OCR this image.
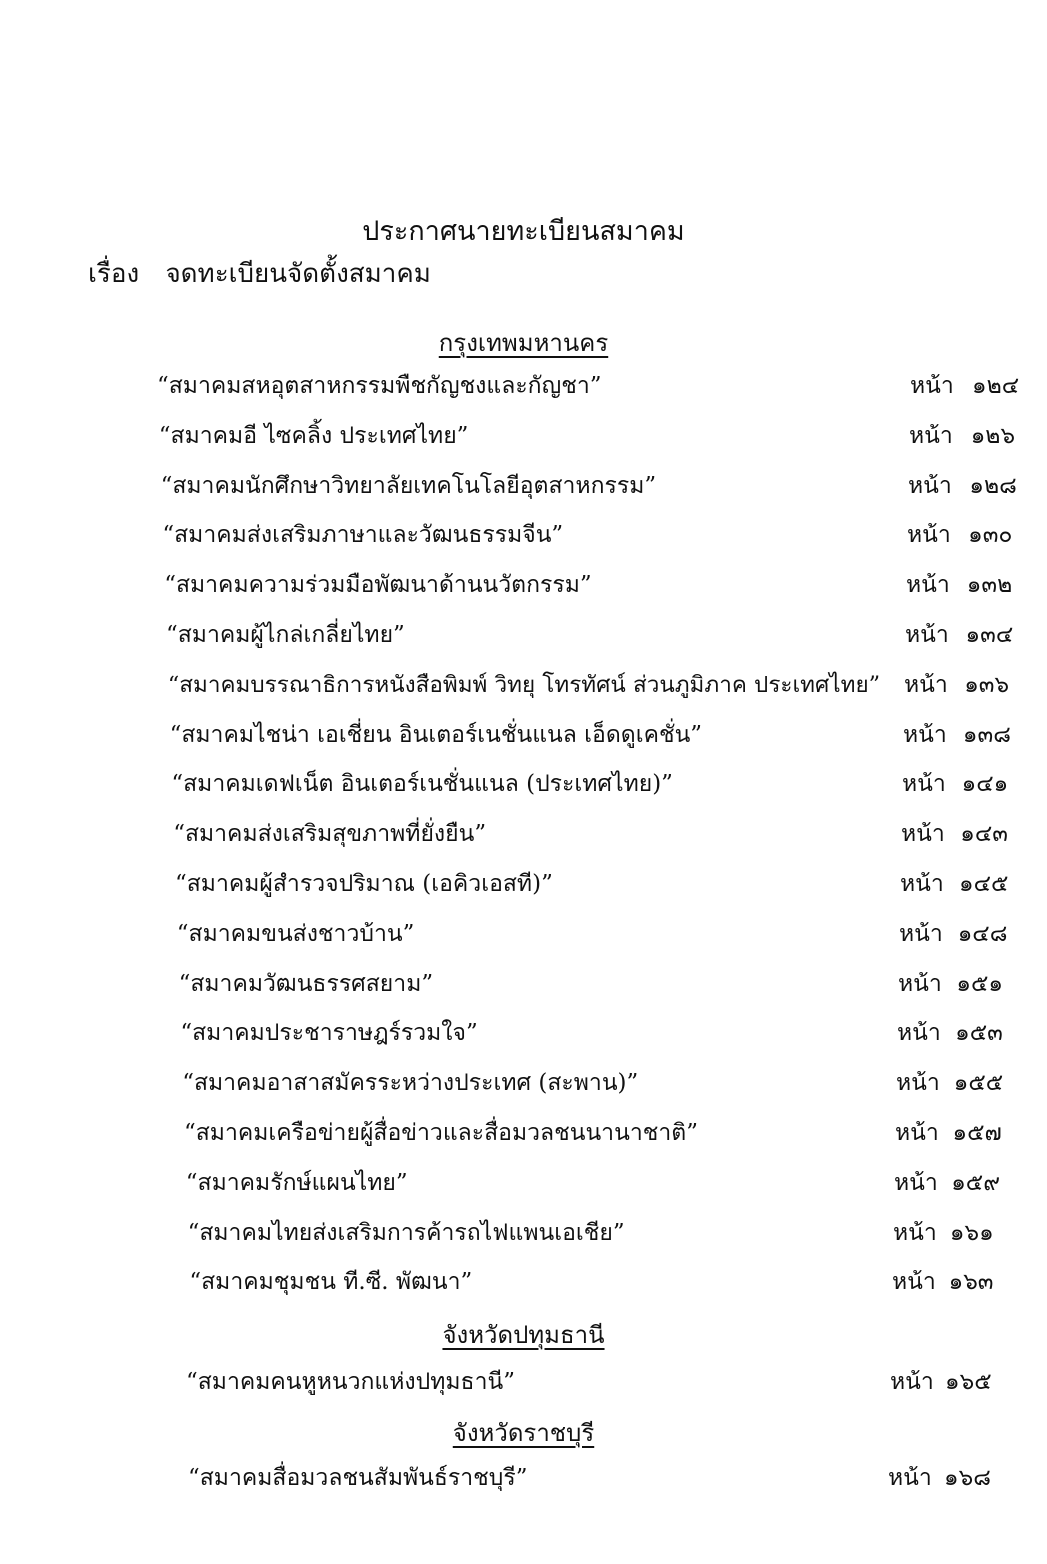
ประกาศนายทะเบียนสมาคม
เรื่อง จดทะเบียนจัดตั้งสมาคม
กรุงเทพมหานคร
“สมาคมสหอุตสาหกรรมพืชกัญชงและกัญชา”	หน้า ๑๒๔
“สมาคมอี ไซคลิ้ง ประเทศไทย”	หน้า ๑๒๖
“สมาคมนักศึกษาวิทยาลัยเทคโนโลยีอุตสาหกรรม”	หน้า ๑๒๘
“สมาคมส่งเสริมภาษาและวัฒนธรรมจีน”	หน้า ๑๓๐
“สมาคมความร่วมมือพัฒนาด้านนวัตกรรม”	หน้า ๑๓๒
“สมาคมผู้ไกล่เกลี่ยไทย”	หน้า ๑๓๔
“สมาคมบรรณาธิการหนังสือพิมพ์ วิทยุ โทรทัศน์ ส่วนภูมิภาค ประเทศไทย” หน้า ๑๓๖
“สมาคมไชน่า เอเชี่ยน อินเตอร์เนชั่นแนล เอ็ดดูเคชั่น”	หน้า ๑๓๘
“สมาคมเดฟเน็ต อินเตอร์เนชั่นแนล (ประเทศไทย)”	หน้า ๑๔๑
“สมาคมส่งเสริมสุขภาพที่ยั่งยืน”	หน้า ๑๔๓
“สมาคมผู้สำรวจปริมาณ (เอคิวเอสที)”	หน้า ๑๔๕
“สมาคมขนส่งชาวบ้าน”	หน้า ๑๔๘
“สมาคมวัฒนธรรศสยาม”	หน้า ๑๕๑
“สมาคมประชาราษฎร์รวมใจ”	หน้า ๑๕๓
“สมาคมอาสาสมัครระหว่างประเทศ (สะพาน)”	หน้า ๑๕๕
“สมาคมเครือข่ายผู้สื่อข่าวและสื่อมวลชนนานาชาติ”	หน้า ๑๕๗
“สมาคมรักษ์แผนไทย”	หน้า ๑๕๙
“สมาคมไทยส่งเสริมการค้ารถไฟแพนเอเชีย”	หน้า ๑๖๑
“สมาคมชุมชน ที.ซี. พัฒนา”	หน้า ๑๖๓
จังหวัดปทุมธานี
“สมาคมคนหูหนวกแห่งปทุมธานี”	หน้า ๑๖๕
จังหวัดราชบุรี
“สมาคมสื่อมวลชนสัมพันธ์ราชบุรี”	หน้า ๑๖๘
